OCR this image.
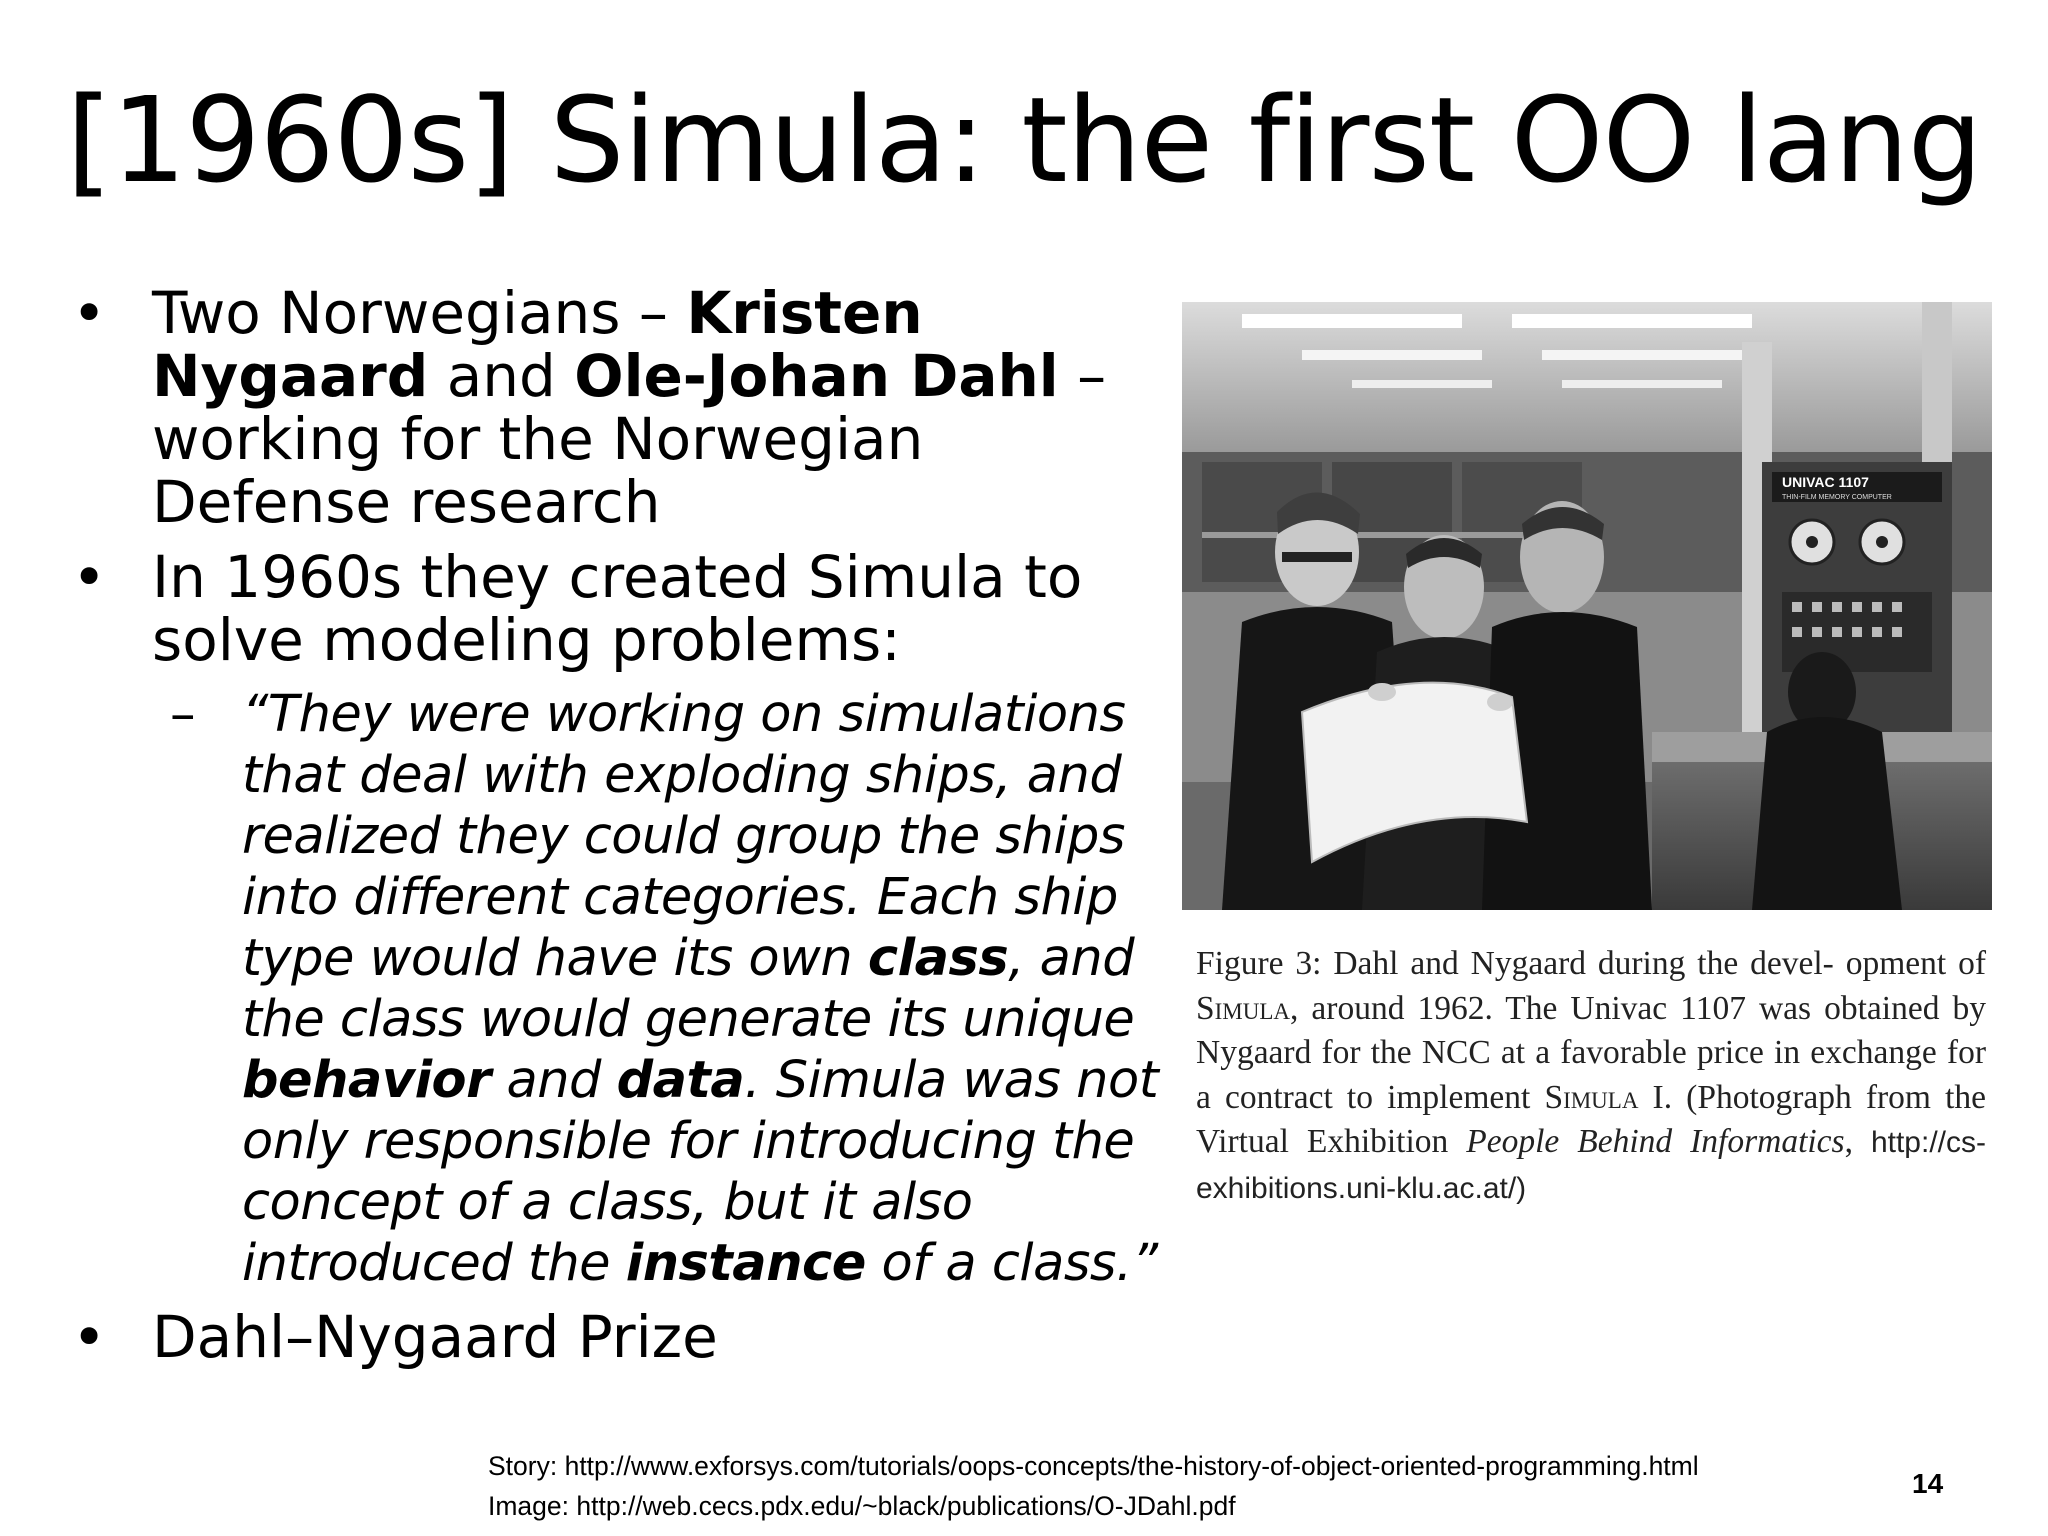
[1960s] Simula: the first OO lang
• Two Norwegians – Kristen Nygaard and Ole-Johan Dahl – working for the Norwegian Defense research
• In 1960s they created Simula to solve modeling problems:
– “They were working on simulations that deal with exploding ships, and realized they could group the ships into different categories. Each ship type would have its own class, and the class would generate its unique behavior and data. Simula was not only responsible for introducing the concept of a class, but it also introduced the instance of a class.”
• Dahl–Nygaard Prize
UNIVAC 1107
THIN-FILM MEMORY COMPUTER
Figure 3: Dahl and Nygaard during the devel- opment of Simula, around 1962. The Univac 1107 was obtained by Nygaard for the NCC at a favorable price in exchange for a contract to implement Simula I. (Photograph from the Virtual Exhibition People Behind Informatics, http://cs-exhibitions.uni-klu.ac.at/)
Story: http://www.exforsys.com/tutorials/oops-concepts/the-history-of-object-oriented-programming.html
Image: http://web.cecs.pdx.edu/~black/publications/O-JDahl.pdf
14
